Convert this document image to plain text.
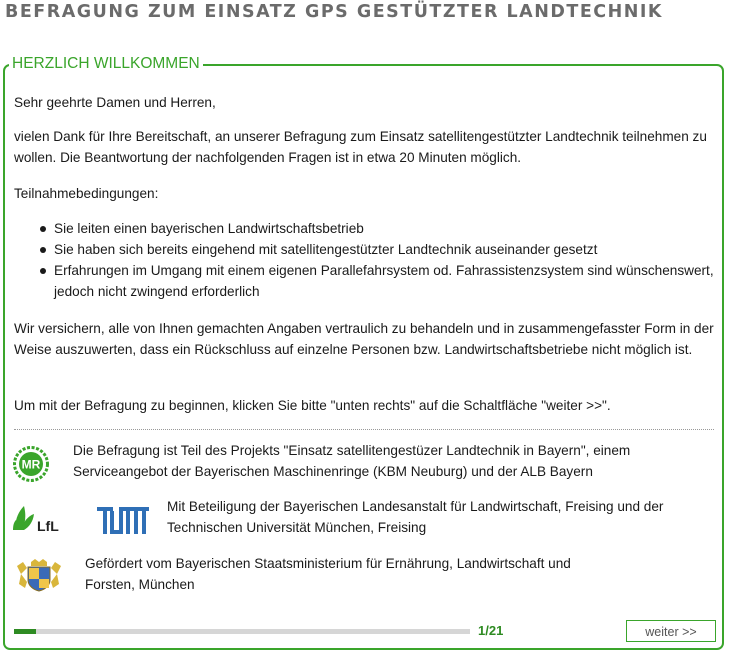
BEFRAGUNG ZUM EINSATZ GPS GESTÜTZTER LANDTECHNIK
HERZLICH WILLKOMMEN

Sehr geehrte Damen und Herren,

vielen Dank für Ihre Bereitschaft, an unserer Befragung zum Einsatz satellitengestützter Landtechnik teilnehmen zu wollen. Die Beantwortung der nachfolgenden Fragen ist in etwa 20 Minuten möglich.

Teilnahmebedingungen:

Sie leiten einen bayerischen Landwirtschaftsbetrieb
Sie haben sich bereits eingehend mit satellitengestützter Landtechnik auseinander gesetzt
Erfahrungen im Umgang mit einem eigenen Parallefahrsystem od. Fahrassistenzsystem sind wünschenswert, jedoch nicht zwingend erforderlich

Wir versichern, alle von Ihnen gemachten Angaben vertraulich zu behandeln und in zusammengefasster Form in der Weise auszuwerten, dass ein Rückschluss auf einzelne Personen bzw. Landwirtschaftsbetriebe nicht möglich ist.

Um mit der Befragung zu beginnen, klicken Sie bitte "unten rechts" auf die Schaltfläche "weiter >>".

MR

Die Befragung ist Teil des Projekts "Einsatz satellitengestüzer Landtechnik in Bayern", einem Serviceangebot der Bayerischen Maschinenringe (KBM Neuburg) und der ALB Bayern

LfL

Mit Beteiligung der Bayerischen Landesanstalt für Landwirtschaft, Freising und der Technischen Universität München, Freising

Gefördert vom Bayerischen Staatsministerium für Ernährung, Landwirtschaft und Forsten, München

1/21	weiter >>
